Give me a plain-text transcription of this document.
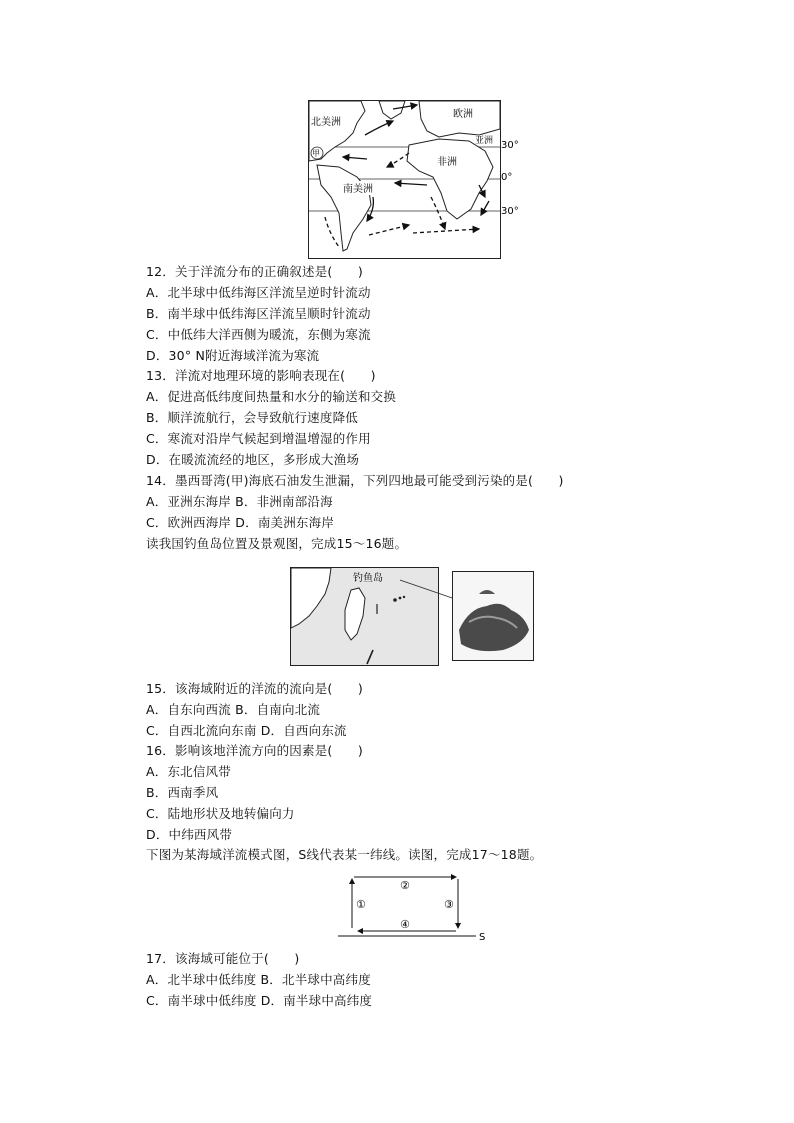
北美洲
欧洲
亚洲
非洲
南美洲
甲
30°
0°
30°
12．关于洋流分布的正确叙述是(　　)
A．北半球中低纬海区洋流呈逆时针流动
B．南半球中低纬海区洋流呈顺时针流动
C．中低纬大洋西侧为暖流，东侧为寒流
D．30° N附近海域洋流为寒流
13．洋流对地理环境的影响表现在(　　)
A．促进高低纬度间热量和水分的输送和交换
B．顺洋流航行，会导致航行速度降低
C．寒流对沿岸气候起到增温增湿的作用
D．在暖流流经的地区，多形成大渔场
14．墨西哥湾(甲)海底石油发生泄漏，下列四地最可能受到污染的是(　　)
A．亚洲东海岸 B．非洲南部沿海
C．欧洲西海岸 D．南美洲东海岸
读我国钓鱼岛位置及景观图，完成15～16题。
钓鱼岛
15．该海域附近的洋流的流向是(　　)
A．自东向西流 B．自南向北流
C．自西北流向东南 D．自西向东流
16．影响该地洋流方向的因素是(　　)
A．东北信风带
B．西南季风
C．陆地形状及地转偏向力
D．中纬西风带
下图为某海域洋流模式图，S线代表某一纬线。读图，完成17～18题。
①
②
③
④
S
17．该海域可能位于(　　)
A．北半球中低纬度 B．北半球中高纬度
C．南半球中低纬度 D．南半球中高纬度
